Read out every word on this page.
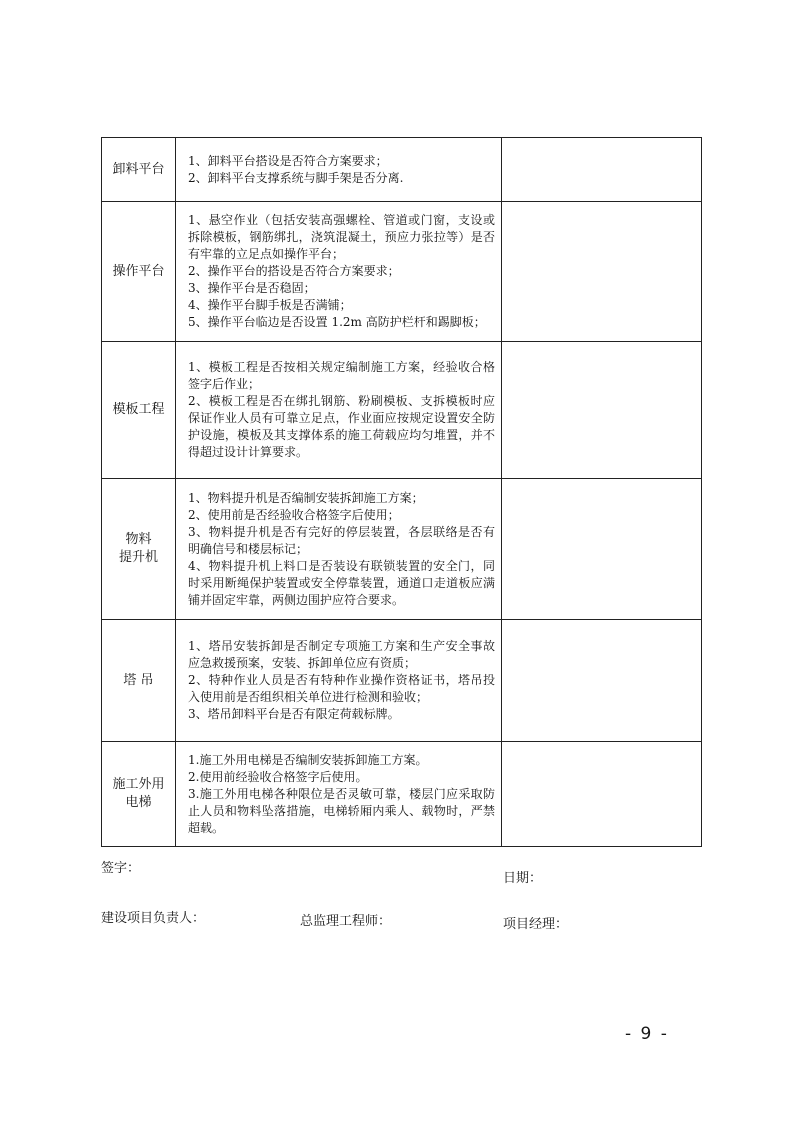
卸料平台	1、卸料平台搭设是否符合方案要求；
2、卸料平台支撑系统与脚手架是否分离.	

操作平台	1、悬空作业（包括安装高强螺栓、管道或门窗，支设或拆除模板，钢筋绑扎，浇筑混凝土，预应力张拉等）是否有牢靠的立足点如操作平台；
2、操作平台的搭设是否符合方案要求；
3、操作平台是否稳固；
4、操作平台脚手板是否满铺；
5、操作平台临边是否设置 1.2m 高防护栏杆和踢脚板；	

模板工程	1、模板工程是否按相关规定编制施工方案，经验收合格签字后作业；
2、模板工程是否在绑扎钢筋、粉刷模板、支拆模板时应保证作业人员有可靠立足点，作业面应按规定设置安全防护设施，模板及其支撑体系的施工荷载应均匀堆置，并不得超过设计计算要求。	

物料
提升机	1、物料提升机是否编制安装拆卸施工方案；
2、使用前是否经验收合格签字后使用；
3、物料提升机是否有完好的停层装置，各层联络是否有明确信号和楼层标记；
4、物料提升机上料口是否装设有联锁装置的安全门，同时采用断绳保护装置或安全停靠装置，通道口走道板应满铺并固定牢靠，两侧边围护应符合要求。	

塔 吊	1、塔吊安装拆卸是否制定专项施工方案和生产安全事故应急救援预案，安装、拆卸单位应有资质；
2、特种作业人员是否有特种作业操作资格证书，塔吊投入使用前是否组织相关单位进行检测和验收；
3、塔吊卸料平台是否有限定荷载标牌。	

施工外用
电梯	1.施工外用电梯是否编制安装拆卸施工方案。
2.使用前经验收合格签字后使用。
3.施工外用电梯各种限位是否灵敏可靠，楼层门应采取防止人员和物料坠落措施，电梯轿厢内乘人、载物时，严禁超载。	

签字：
日期：
建设项目负责人：	总监理工程师：	项目经理：
- 9 -
